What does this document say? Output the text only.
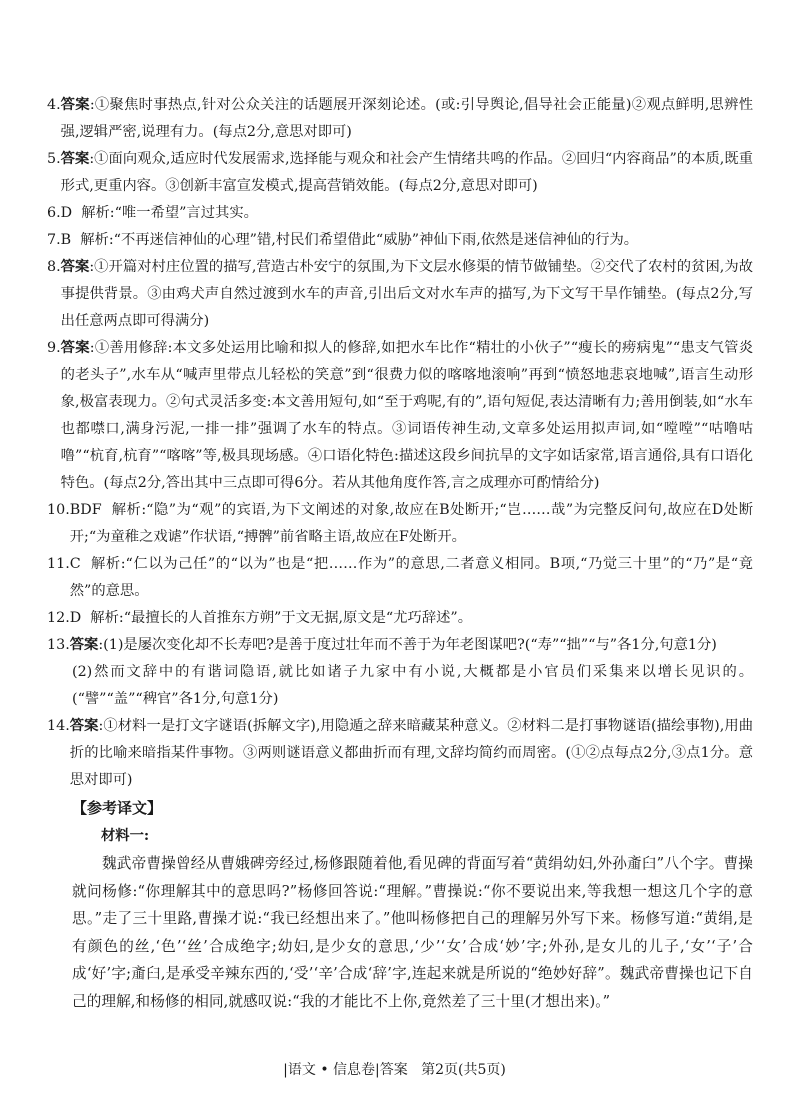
4. 答案:①聚焦时事热点,针对公众关注的话题展开深刻论述。(或:引导舆论,倡导社会正能量)②观点鲜明,思辨性强,逻辑严密,说理有力。(每点2分,意思对即可)
5. 答案:①面向观众,适应时代发展需求,选择能与观众和社会产生情绪共鸣的作品。②回归“内容商品”的本质,既重形式,更重内容。③创新丰富宣发模式,提高营销效能。(每点2分,意思对即可)
6. D  解析:“唯一希望”言过其实。
7. B  解析:“不再迷信神仙的心理”错,村民们希望借此“威胁”神仙下雨,依然是迷信神仙的行为。
8. 答案:①开篇对村庄位置的描写,营造古朴安宁的氛围,为下文层水修渠的情节做铺垫。②交代了农村的贫困,为故事提供背景。③由鸡犬声自然过渡到水车的声音,引出后文对水车声的描写,为下文写干旱作铺垫。(每点2分,写出任意两点即可得满分)
9. 答案:①善用修辞:本文多处运用比喻和拟人的修辞,如把水车比作“精壮的小伙子”“瘦长的痨病鬼”“患支气管炎的老头子”,水车从“喊声里带点儿轻松的笑意”到“很费力似的喀喀地滚响”再到“愤怒地悲哀地喊”,语言生动形象,极富表现力。②句式灵活多变:本文善用短句,如“至于鸡呢,有的”,语句短促,表达清晰有力;善用倒装,如“水车也都噤口,满身污泥,一排一排”强调了水车的特点。③词语传神生动,文章多处运用拟声词,如“嘡嘡”“咕噜咕噜”“杭育,杭育”“喀喀”等,极具现场感。④口语化特色:描述这段乡间抗旱的文字如话家常,语言通俗,具有口语化特色。(每点2分,答出其中三点即可得6分。若从其他角度作答,言之成理亦可酌情给分)
10. BDF  解析:“隐”为“观”的宾语,为下文阐述的对象,故应在B处断开;“岂……哉”为完整反问句,故应在D处断开;“为童稚之戏谑”作状语,“搏髀”前省略主语,故应在F处断开。
11. C  解析:“仁以为己任”的“以为”也是“把……作为”的意思,二者意义相同。B项,“乃觉三十里”的“乃”是“竟然”的意思。
12. D  解析:“最擅长的人首推东方朔”于文无据,原文是“尤巧辞述”。
13. 答案:(1)是屡次变化却不长寿吧?是善于度过壮年而不善于为年老图谋吧?(“寿”“拙”“与”各1分,句意1分)
(2)然而文辞中的有谐词隐语,就比如诸子九家中有小说,大概都是小官员们采集来以增长见识的。(“譬”“盖”“稗官”各1分,句意1分)
14. 答案:①材料一是打文字谜语(拆解文字),用隐遁之辞来暗藏某种意义。②材料二是打事物谜语(描绘事物),用曲折的比喻来暗指某件事物。③两则谜语意义都曲折而有理,文辞均简约而周密。(①②点每点2分,③点1分。意思对即可)
【参考译文】
材料一:
魏武帝曹操曾经从曹娥碑旁经过,杨修跟随着他,看见碑的背面写着“黄绢幼妇,外孙齑臼”八个字。曹操就问杨修:“你理解其中的意思吗?”杨修回答说:“理解。”曹操说:“你不要说出来,等我想一想这几个字的意思。”走了三十里路,曹操才说:“我已经想出来了。”他叫杨修把自己的理解另外写下来。杨修写道:“黄绢,是有颜色的丝,‘色’‘丝’合成绝字;幼妇,是少女的意思,‘少’‘女’合成‘妙’字;外孙,是女儿的儿子,‘女’‘子’合成‘好’字;齑臼,是承受辛辣东西的,‘受’‘辛’合成‘辞’字,连起来就是所说的“绝妙好辞”。魏武帝曹操也记下自己的理解,和杨修的相同,就感叹说:“我的才能比不上你,竟然差了三十里(才想出来)。”
|语文 • 信息卷|答案   第2页(共5页)
